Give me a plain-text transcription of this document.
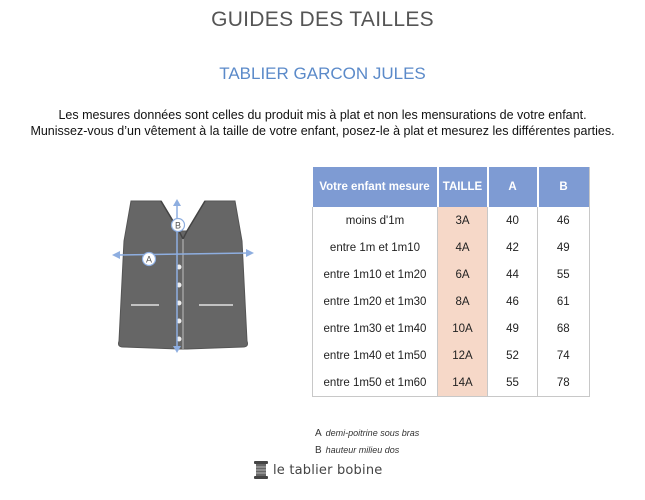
GUIDES DES TAILLES
TABLIER GARCON JULES
Les mesures données sont celles du produit mis à plat et non les mensurations de votre enfant.
Munissez-vous d’un vêtement à la taille de votre enfant, posez-le à plat et mesurez les différentes parties.
B
A
Votre enfant mesure	TAILLE	A	B
moins d'1m	3A	40	46
entre 1m et 1m10	4A	42	49
entre 1m10 et 1m20	6A	44	55
entre 1m20 et 1m30	8A	46	61
entre 1m30 et 1m40	10A	49	68
entre 1m40 et 1m50	12A	52	74
entre 1m50 et 1m60	14A	55	78
A demi-poitrine sous bras
B hauteur milieu dos
le tablier bobine
